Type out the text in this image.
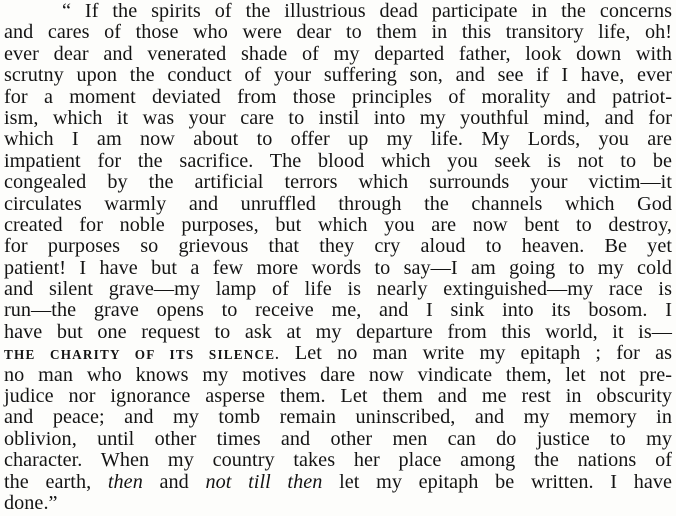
“ If the spirits of the illustrious dead participate in the concerns
and cares of those who were dear to them in this transitory life, oh!
ever dear and venerated shade of my departed father, look down with
scrutny upon the conduct of your suffering son, and see if I have, ever
for a moment deviated from those principles of morality and patriot-
ism, which it was your care to instil into my youthful mind, and for
which I am now about to offer up my life. My Lords, you are
impatient for the sacrifice. The blood which you seek is not to be
congealed by the artificial terrors which surrounds your victim—it
circulates warmly and unruffled through the channels which God
created for noble purposes, but which you are now bent to destroy,
for purposes so grievous that they cry aloud to heaven. Be yet
patient! I have but a few more words to say—I am going to my cold
and silent grave—my lamp of life is nearly extinguished—my race is
run—the grave opens to receive me, and I sink into its bosom. I
have but one request to ask at my departure from this world, it is—
THE CHARITY OF ITS SILENCE. Let no man write my epitaph ; for as
no man who knows my motives dare now vindicate them, let not pre-
judice nor ignorance asperse them. Let them and me rest in obscurity
and peace; and my tomb remain uninscribed, and my memory in
oblivion, until other times and other men can do justice to my
character. When my country takes her place among the nations of
the earth, then and not till then let my epitaph be written. I have
done.”
